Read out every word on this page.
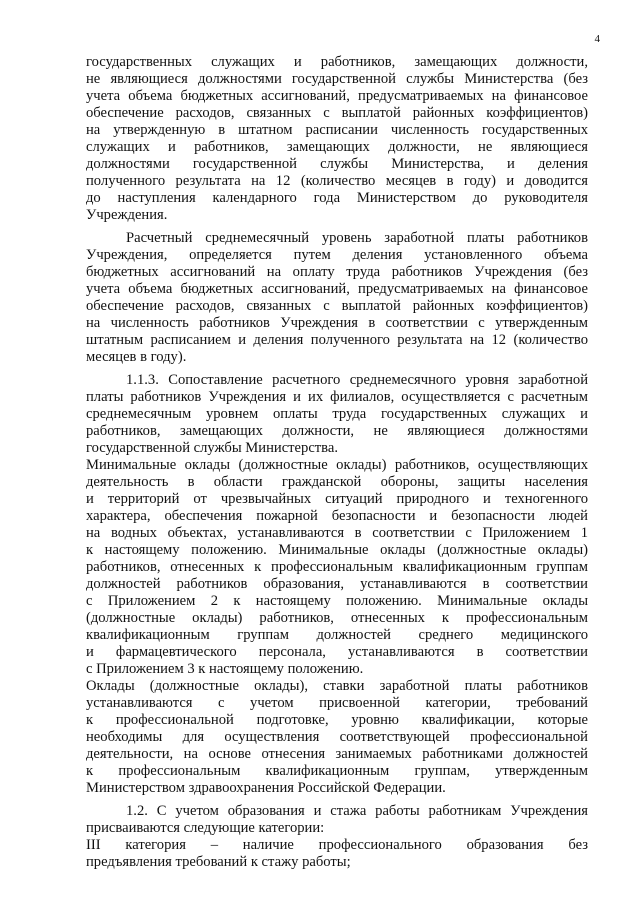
4
государственных служащих и работников, замещающих должности,
не являющиеся должностями государственной службы Министерства (без
учета объема бюджетных ассигнований, предусматриваемых на финансовое
обеспечение расходов, связанных с выплатой районных коэффициентов)
на утвержденную в штатном расписании численность государственных
служащих и работников, замещающих должности, не являющиеся
должностями государственной службы Министерства, и деления
полученного результата на 12 (количество месяцев в году) и доводится
до наступления календарного года Министерством до руководителя
Учреждения.
Расчетный среднемесячный уровень заработной платы работников
Учреждения, определяется путем деления установленного объема
бюджетных ассигнований на оплату труда работников Учреждения (без
учета объема бюджетных ассигнований, предусматриваемых на финансовое
обеспечение расходов, связанных с выплатой районных коэффициентов)
на численность работников Учреждения в соответствии с утвержденным
штатным расписанием и деления полученного результата на 12 (количество
месяцев в году).
1.1.3. Сопоставление расчетного среднемесячного уровня заработной
платы работников Учреждения и их филиалов, осуществляется с расчетным
среднемесячным уровнем оплаты труда государственных служащих и
работников, замещающих должности, не являющиеся должностями
государственной службы Министерства.
Минимальные оклады (должностные оклады) работников, осуществляющих
деятельность в области гражданской обороны, защиты населения
и территорий от чрезвычайных ситуаций природного и техногенного
характера, обеспечения пожарной безопасности и безопасности людей
на водных объектах, устанавливаются в соответствии с Приложением 1
к настоящему положению. Минимальные оклады (должностные оклады)
работников, отнесенных к профессиональным квалификационным группам
должностей работников образования, устанавливаются в соответствии
с Приложением 2 к настоящему положению. Минимальные оклады
(должностные оклады) работников, отнесенных к профессиональным
квалификационным группам должностей среднего медицинского
и фармацевтического персонала, устанавливаются в соответствии
с Приложением 3 к настоящему положению.
Оклады (должностные оклады), ставки заработной платы работников
устанавливаются с учетом присвоенной категории, требований
к профессиональной подготовке, уровню квалификации, которые
необходимы для осуществления соответствующей профессиональной
деятельности, на основе отнесения занимаемых работниками должностей
к профессиональным квалификационным группам, утвержденным
Министерством здравоохранения Российской Федерации.
1.2. С учетом образования и стажа работы работникам Учреждения
присваиваются следующие категории:
III категория – наличие профессионального образования без
предъявления требований к стажу работы;
